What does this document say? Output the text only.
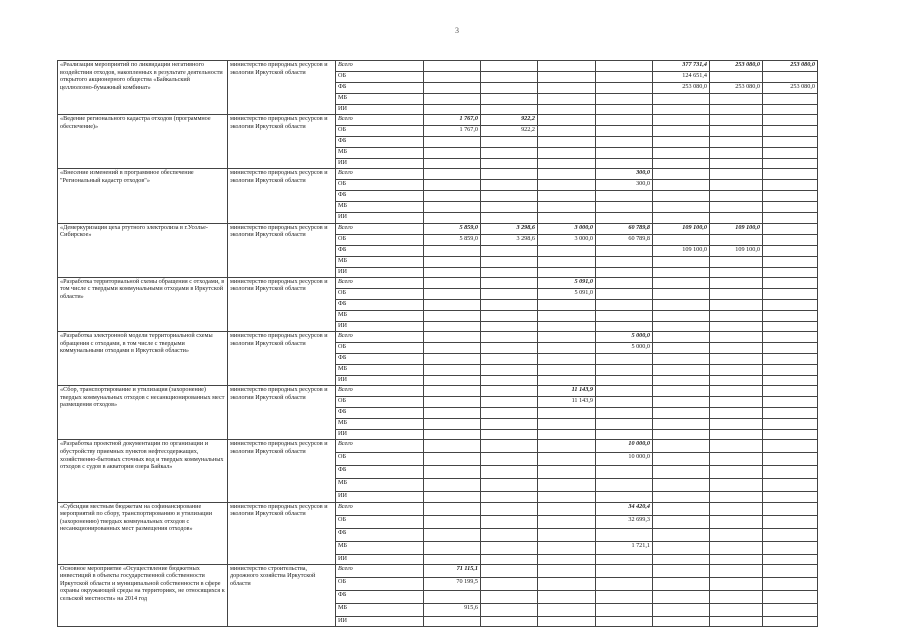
3
«Реализация мероприятий по ликвидации негативного воздействия отходов, накопленных в результате деятельности открытого акционерного общества «Байкальский целлюлозно-бумажный комбинат»	министерство природных ресурсов и экологии Иркутской области	Всего					377 731,4	253 080,0	253 080,0
		ОБ					124 651,4		
		ФБ					253 080,0	253 080,0	253 080,0
		МБ							
		ИИ							
«Ведение регионального кадастра отходов (программное обеспечение)»	министерство природных ресурсов и экологии Иркутской области	Всего	1 767,0	922,2					
		ОБ	1 767,0	922,2					
		ФБ							
		МБ							
		ИИ							
«Внесение изменений в программное обеспечение "Региональный кадастр отходов"»	министерство природных ресурсов и экологии Иркутской области	Всего				300,0			
		ОБ				300,0			
		ФБ							
		МБ							
		ИИ							
«Демеркуризация цеха ртутного электролиза в г.Усолье-Сибирское»	министерство природных ресурсов и экологии Иркутской области	Всего	5 859,0	3 298,6	3 000,0	60 789,8	109 100,0	109 100,0	
		ОБ	5 859,0	3 298,6	3 000,0	60 789,8			
		ФБ					109 100,0	109 100,0	
		МБ							
		ИИ							
«Разработка территориальной схемы обращения с отходами, в том числе с твердыми коммунальными отходами в Иркутской области»	министерство природных ресурсов и экологии Иркутской области	Всего			5 091,0				
		ОБ			5 091,0				
		ФБ							
		МБ							
		ИИ							
«Разработка электронной модели территориальной схемы обращения с отходами, в том числе с твердыми коммунальными отходами в Иркутской области»	министерство природных ресурсов и экологии Иркутской области	Всего				5 000,0			
		ОБ				5 000,0			
		ФБ							
		МБ							
		ИИ							
«Сбор, транспортирование и утилизация (захоронение) твердых коммунальных отходов с несанкционированных мест размещения отходов»	министерство природных ресурсов и экологии Иркутской области	Всего			11 143,9				
		ОБ			11 143,9				
		ФБ							
		МБ							
		ИИ							
«Разработка проектной документации по организации и обустройству приемных пунктов нефтесодержащих, хозяйственно-бытовых сточных вод и твердых коммунальных отходов с судов в акватории озера Байкал»	министерство природных ресурсов и экологии Иркутской области	Всего				10 000,0			
		ОБ				10 000,0			
		ФБ							
		МБ							
		ИИ							
«Субсидия местным бюджетам на софинансирование мероприятий по сбору, транспортированию и утилизации (захоронению) твердых коммунальных отходов с несанкционированных мест размещения отходов»	министерство природных ресурсов и экологии Иркутской области	Всего				34 420,4			
		ОБ				32 699,3			
		ФБ							
		МБ				1 721,1			
		ИИ							
Основное мероприятие «Осуществление бюджетных инвестиций в объекты государственной собственности Иркутской области и муниципальной собственности в сфере охраны окружающей среды на территориях, не относящихся к сельской местности» на 2014 год	министерство строительства, дорожного хозяйства Иркутской области	Всего	71 115,1						
		ОБ	70 199,5						
		ФБ							
		МБ	915,6						
		ИИ							
